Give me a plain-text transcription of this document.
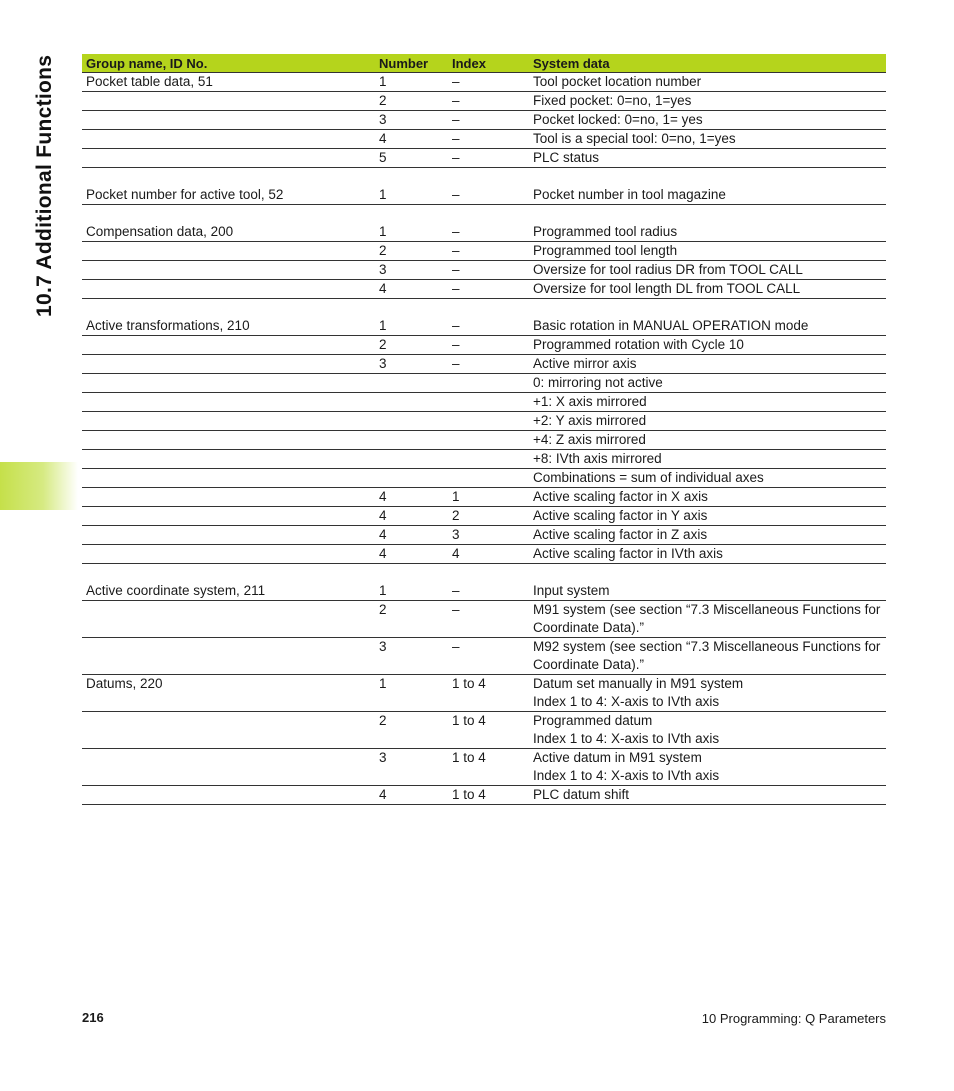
10.7 Additional Functions	Group name, ID No.	Number	Index	System data
Pocket table data, 51	1	–	Tool pocket location number
	2	–	Fixed pocket: 0=no, 1=yes
	3	–	Pocket locked: 0=no, 1= yes
	4	–	Tool is a special tool: 0=no, 1=yes
	5	–	PLC status

Pocket number for active tool, 52	1	–	Pocket number in tool magazine

Compensation data, 200	1	–	Programmed tool radius
	2	–	Programmed tool length
	3	–	Oversize for tool radius DR from TOOL CALL
	4	–	Oversize for tool length DL from TOOL CALL

Active transformations, 210	1	–	Basic rotation in MANUAL OPERATION mode
	2	–	Programmed rotation with Cycle 10
	3	–	Active mirror axis
			0: mirroring not active
			+1: X axis mirrored
			+2: Y axis mirrored
			+4: Z axis mirrored
			+8: IVth axis mirrored
			Combinations = sum of individual axes
	4	1	Active scaling factor in X axis
	4	2	Active scaling factor in Y axis
	4	3	Active scaling factor in Z axis
	4	4	Active scaling factor in IVth axis

Active coordinate system, 211	1	–	Input system
	2	–	M91 system (see section “7.3 Miscellaneous Functions for Coordinate Data).”
	3	–	M92 system (see section “7.3 Miscellaneous Functions for Coordinate Data).”
Datums, 220	1	1 to 4	Datum set manually in M91 system
Index 1 to 4: X-axis to IVth axis

	2	1 to 4	Programmed datum
Index 1 to 4: X-axis to IVth axis

	3	1 to 4	Active datum in M91 system
Index 1 to 4: X-axis to IVth axis

	4	1 to 4	PLC datum shift
216	10 Programming: Q Parameters
